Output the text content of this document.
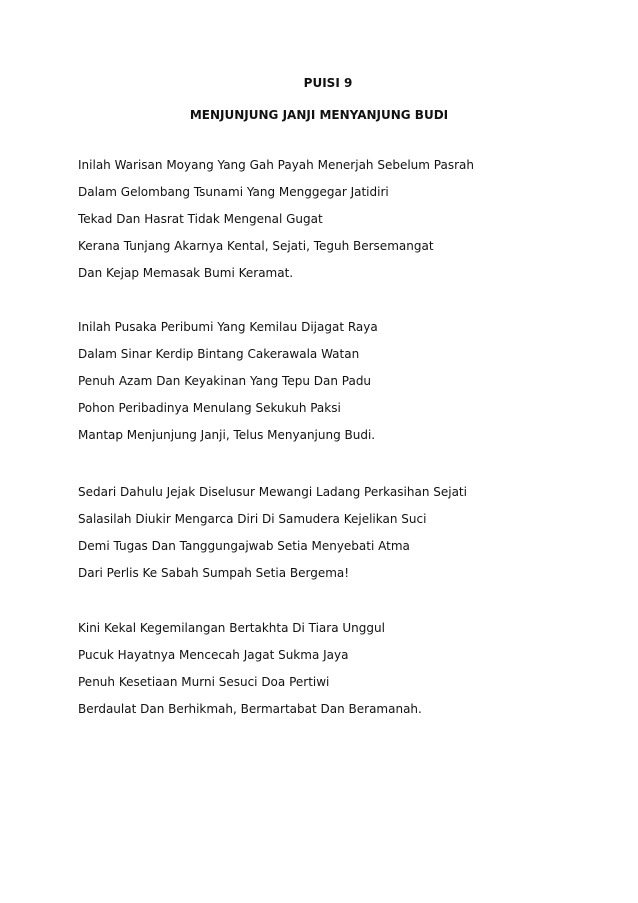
PUISI 9
MENJUNJUNG JANJI MENYANJUNG BUDI
Inilah Warisan Moyang Yang Gah Payah Menerjah Sebelum Pasrah
Dalam Gelombang Tsunami Yang Menggegar Jatidiri
Tekad Dan Hasrat Tidak Mengenal Gugat
Kerana Tunjang Akarnya Kental, Sejati, Teguh Bersemangat
Dan Kejap Memasak Bumi Keramat.
Inilah Pusaka Peribumi Yang Kemilau Dijagat Raya
Dalam Sinar Kerdip Bintang Cakerawala Watan
Penuh Azam Dan Keyakinan Yang Tepu Dan Padu
Pohon Peribadinya Menulang Sekukuh Paksi
Mantap Menjunjung Janji, Telus Menyanjung Budi.
Sedari Dahulu Jejak Diselusur Mewangi Ladang Perkasihan Sejati
Salasilah Diukir Mengarca Diri Di Samudera Kejelikan Suci
Demi Tugas Dan Tanggungajwab Setia Menyebati Atma
Dari Perlis Ke Sabah Sumpah Setia Bergema!
Kini Kekal Kegemilangan Bertakhta Di Tiara Unggul
Pucuk Hayatnya Mencecah Jagat Sukma Jaya
Penuh Kesetiaan Murni Sesuci Doa Pertiwi
Berdaulat Dan Berhikmah, Bermartabat Dan Beramanah.
